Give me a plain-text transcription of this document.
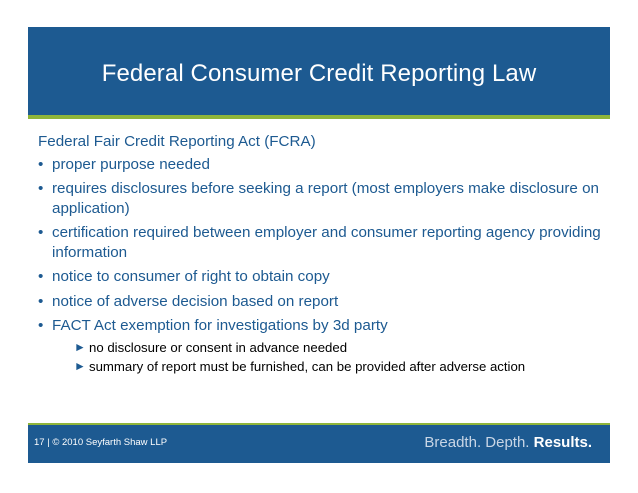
Federal Consumer Credit Reporting Law
Federal Fair Credit Reporting Act (FCRA)
• proper purpose needed
• requires disclosures before seeking a report (most employers make disclosure on application)
• certification required between employer and consumer reporting agency providing information
• notice to consumer of right to obtain copy
• notice of adverse decision based on report
• FACT Act exemption for investigations by 3d party
► no disclosure or consent in advance needed
► summary of report must be furnished, can be provided after adverse action
17 | © 2010 Seyfarth Shaw LLP	Breadth. Depth. Results.
